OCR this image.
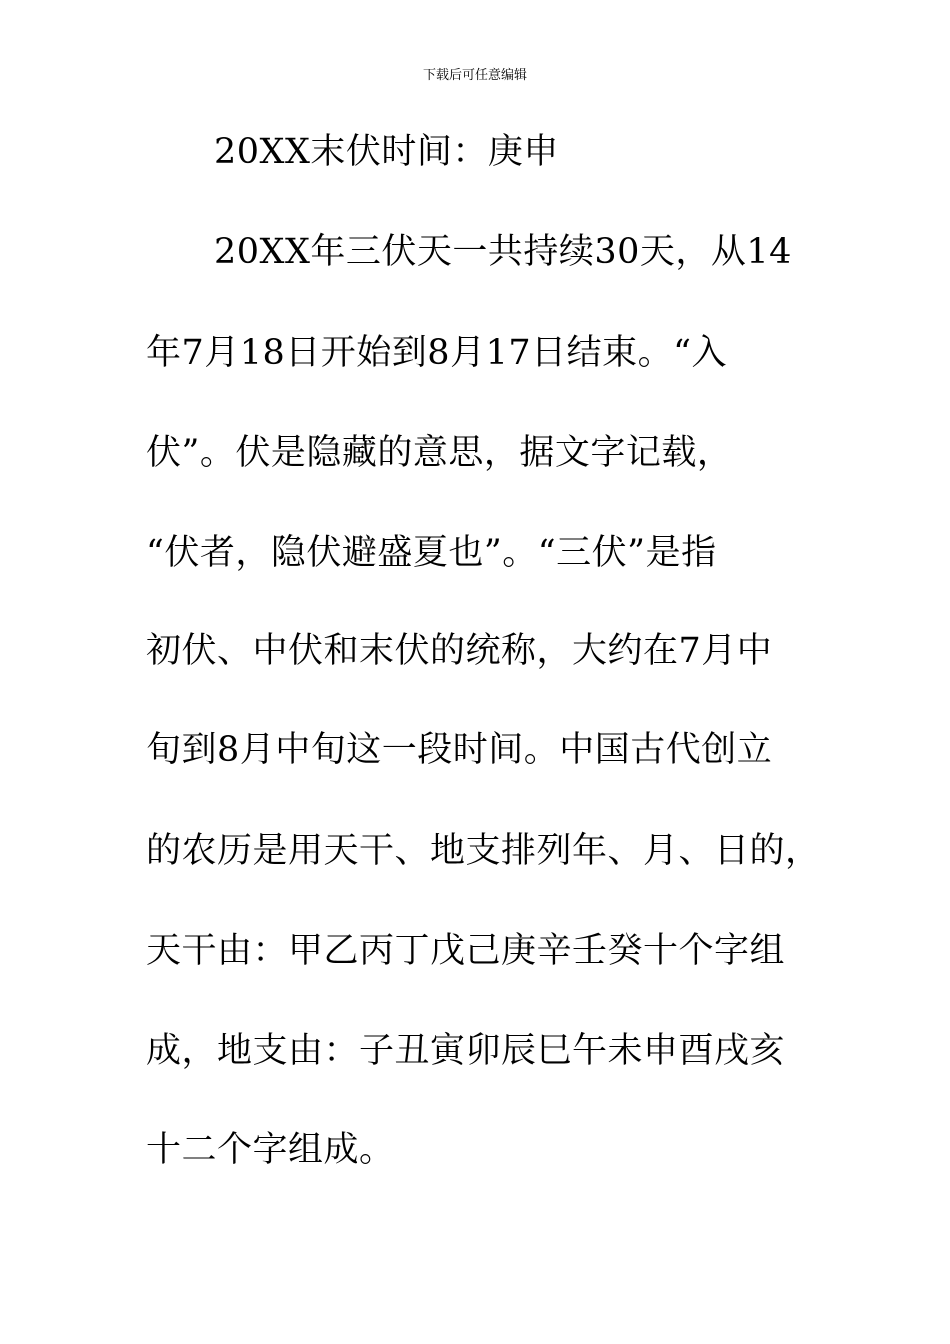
下载后可任意编辑
20XX末伏时间：庚申
20XX年三伏天一共持续30天，从14
年7月18日开始到8月17日结束。“入
伏”。伏是隐藏的意思，据文字记载，
“伏者，隐伏避盛夏也”。“三伏”是指
初伏、中伏和末伏的统称，大约在7月中
旬到8月中旬这一段时间。中国古代创立
的农历是用天干、地支排列年、月、日的，
天干由：甲乙丙丁戊己庚辛壬癸十个字组
成，地支由：子丑寅卯辰巳午未申酉戌亥
十二个字组成。
